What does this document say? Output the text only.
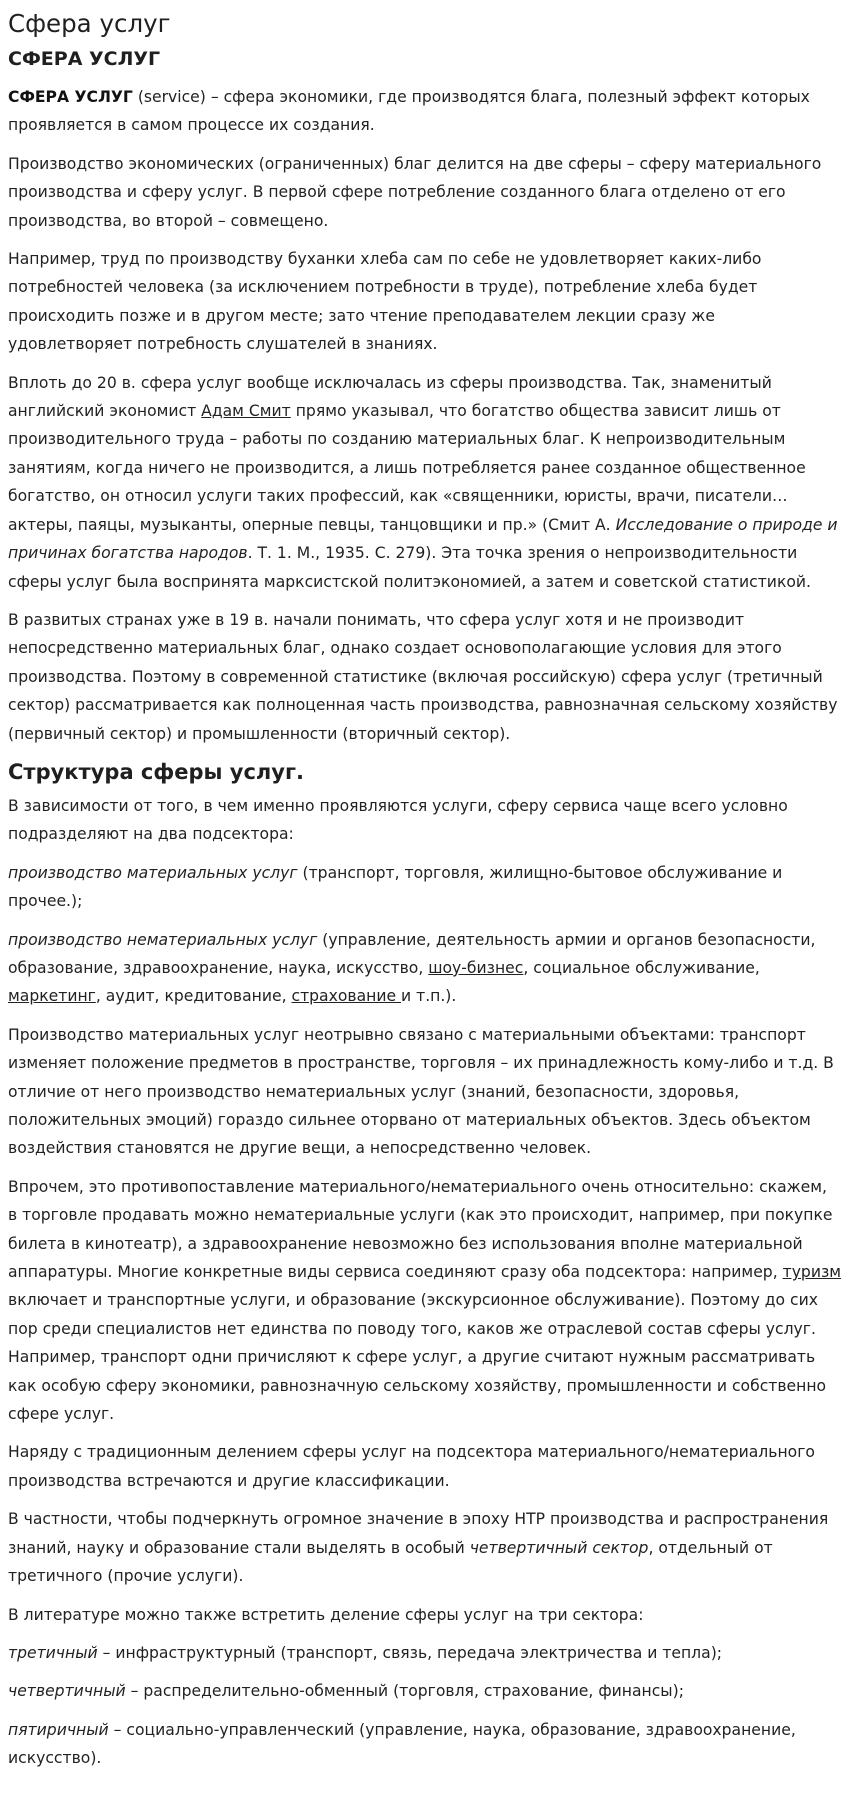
Сфера услуг
СФЕРА УСЛУГ

СФЕРА УСЛУГ (service) – сфера экономики, где производятся блага, полезный эффект которых проявляется в самом процессе их создания.

Производство экономических (ограниченных) благ делится на две сферы – сферу материального производства и сферу услуг. В первой сфере потребление созданного блага отделено от его производства, во второй – совмещено.

Например, труд по производству буханки хлеба сам по себе не удовлетворяет каких-либо потребностей человека (за исключением потребности в труде), потребление хлеба будет происходить позже и в другом месте; зато чтение преподавателем лекции сразу же удовлетворяет потребность слушателей в знаниях.

Вплоть до 20 в. сфера услуг вообще исключалась из сферы производства. Так, знаменитый английский экономист Адам Смит прямо указывал, что богатство общества зависит лишь от производительного труда – работы по созданию материальных благ. К непроизводительным занятиям, когда ничего не производится, а лишь потребляется ранее созданное общественное богатство, он относил услуги таких профессий, как «священники, юристы, врачи, писатели… актеры, паяцы, музыканты, оперные певцы, танцовщики и пр.» (Смит А. Исследование о природе и причинах богатства народов. Т. 1. М., 1935. С. 279). Эта точка зрения о непроизводительности сферы услуг была воспринята марксистской политэкономией, а затем и советской статистикой.

В развитых странах уже в 19 в. начали понимать, что сфера услуг хотя и не производит непосредственно материальных благ, однако создает основополагающие условия для этого производства. Поэтому в современной статистике (включая российскую) сфера услуг (третичный сектор) рассматривается как полноценная часть производства, равнозначная сельскому хозяйству (первичный сектор) и промышленности (вторичный сектор).

Структура сферы услуг.

В зависимости от того, в чем именно проявляются услуги, сферу сервиса чаще всего условно подразделяют на два подсектора:

производство материальных услуг (транспорт, торговля, жилищно-бытовое обслуживание и прочее.);

производство нематериальных услуг (управление, деятельность армии и органов безопасности, образование, здравоохранение, наука, искусство, шоу-бизнес, социальное обслуживание, маркетинг, аудит, кредитование, страхование и т.п.).

Производство материальных услуг неотрывно связано с материальными объектами: транспорт изменяет положение предметов в пространстве, торговля – их принадлежность кому-либо и т.д. В отличие от него производство нематериальных услуг (знаний, безопасности, здоровья, положительных эмоций) гораздо сильнее оторвано от материальных объектов. Здесь объектом воздействия становятся не другие вещи, а непосредственно человек.

Впрочем, это противопоставление материального/нематериального очень относительно: скажем, в торговле продавать можно нематериальные услуги (как это происходит, например, при покупке билета в кинотеатр), а здравоохранение невозможно без использования вполне материальной аппаратуры. Многие конкретные виды сервиса соединяют сразу оба подсектора: например, туризм включает и транспортные услуги, и образование (экскурсионное обслуживание). Поэтому до сих пор среди специалистов нет единства по поводу того, каков же отраслевой состав сферы услуг. Например, транспорт одни причисляют к сфере услуг, а другие считают нужным рассматривать как особую сферу экономики, равнозначную сельскому хозяйству, промышленности и собственно сфере услуг.

Наряду с традиционным делением сферы услуг на подсектора материального/нематериального производства встречаются и другие классификации.

В частности, чтобы подчеркнуть огромное значение в эпоху НТР производства и распространения знаний, науку и образование стали выделять в особый четвертичный сектор, отдельный от третичного (прочие услуги).

В литературе можно также встретить деление сферы услуг на три сектора:

третичный – инфраструктурный (транспорт, связь, передача электричества и тепла);

четвертичный – распределительно-обменный (торговля, страхование, финансы);

пятиричный – социально-управленческий (управление, наука, образование, здравоохранение, искусство).
